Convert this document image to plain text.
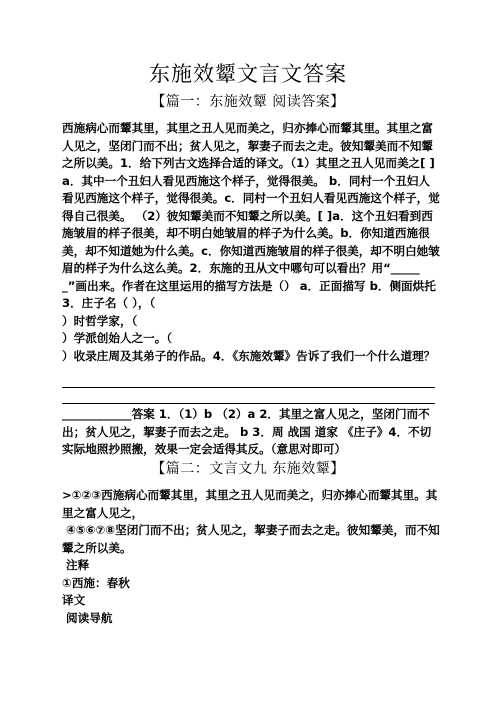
东施效颦文言文答案
【篇一：东施效颦 阅读答案】
西施病心而颦其里，其里之丑人见而美之，归亦捧心而颦其里。其里之富人见之，坚闭门而不出；贫人见之，挈妻子而去之走。彼知颦美而不知颦之所以美。1．给下列古文选择合适的译文。（1）其里之丑人见而美之[ ]a．其中一个丑妇人看见西施这个样子，觉得很美。 b．同村一个丑妇人看见西施这个样子，觉得很美。c．同村一个丑妇人看见西施这个样子，觉得自己很美。 （2）彼知颦美而不知颦之所以美。[ ]a．这个丑妇看到西施皱眉的样子很美，却不明白她皱眉的样子为什么美。b．你知道西施很美，却不知道她为什么美。c．你知道西施皱眉的样子很美，却不明白她皱眉的样子为什么这么美。2．东施的丑从文中哪句可以看出？用“______”画出来。作者在这里运用的描写方法是（） a．正面描写 b．侧面烘托 3．庄子名（ ），（
）时哲学家，（
）学派创始人之一。（
）收录庄周及其弟子的作品。4．《东施效颦》告诉了我们一个什么道理？
____________答案 1．（1）b （2）a 2．其里之富人见之，坚闭门而不出；贫人见之，挈妻子而去之走。 b 3．周 战国 道家 《庄子》4．不切实际地照抄照搬，效果一定会适得其反。（意思对即可）
【篇二：文言文九 东施效颦】
>①②③西施病心而颦其里，其里之丑人见而美之，归亦捧心而颦其里。其里之富人见之，
④⑤⑥⑦⑧坚闭门而不出；贫人见之，挈妻子而去之走。彼知颦美，而不知颦之所以美。
注释
①西施：春秋
译文
阅读导航
